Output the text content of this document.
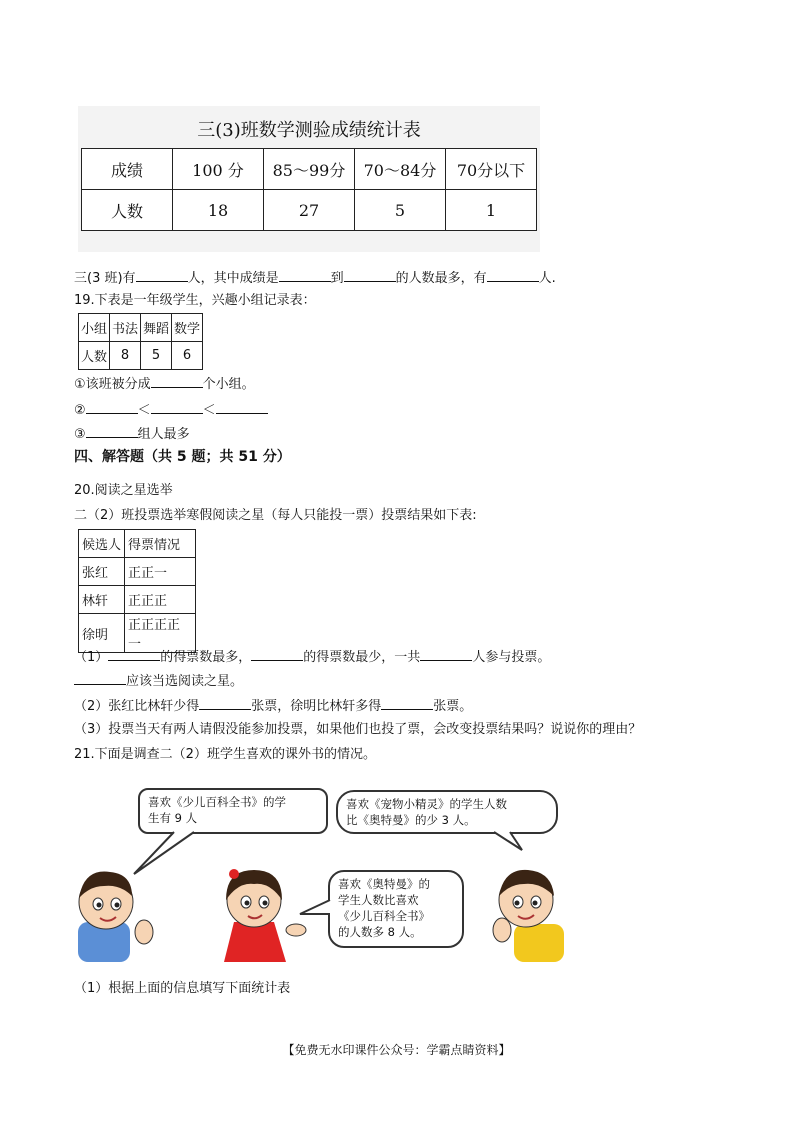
三(3)班数学测验成绩统计表
成绩	100 分	85～99分	70～84分	70分以下
人数	18	27	5	1
三(3 班)有	人，其中成绩是	到	的人数最多，有	人.
19.下表是一年级学生，兴趣小组记录表：
小组	书法	舞蹈	数学
人数	8	5	6
①该班被分成	个小组。
②	＜	＜
③	组人最多
四、解答题（共 5 题；共 51 分）
20.阅读之星选举
二（2）班投票选举寒假阅读之星（每人只能投一票）投票结果如下表:
候选人	得票情况
张红	正正一
林轩	正正正
徐明	正正正正一
（1）	的得票数最多，	的得票数最少，一共	人参与投票。
应该当选阅读之星。
（2）张红比林轩少得	张票，徐明比林轩多得	张票。
（3）投票当天有两人请假没能参加投票，如果他们也投了票，会改变投票结果吗？说说你的理由？
21.下面是调查二（2）班学生喜欢的课外书的情况。
喜欢《少儿百科全书》的学
生有 9 人
喜欢《宠物小精灵》的学生人数
比《奥特曼》的少 3 人。
喜欢《奥特曼》的
学生人数比喜欢
《少儿百科全书》
的人数多 8 人。
（1）根据上面的信息填写下面统计表
【免费无水印课件公众号：学霸点睛资料】
